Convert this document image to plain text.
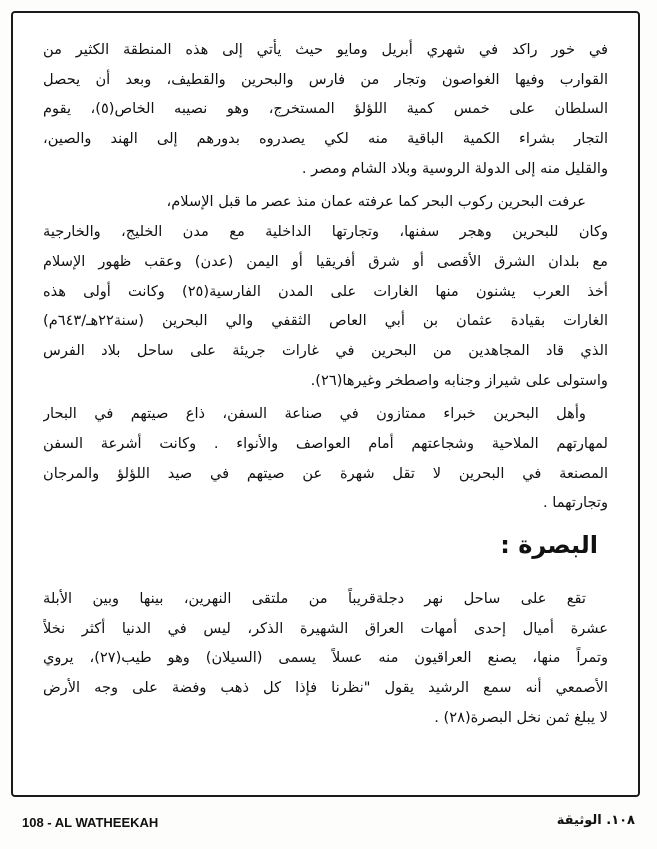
في خور راكد في شهري أبريل ومايو حيث يأتي إلى هذه المنطقة الكثير من
القوارب وفيها الغواصون وتجار من فارس والبحرين والقطيف، وبعد أن يحصل
السلطان على خمس كمية اللؤلؤ المستخرج، وهو نصيبه الخاص(٥)، يقوم
التجار بشراء الكمية الباقية منه لكي يصدروه بدورهم إلى الهند والصين،
والقليل منه إلى الدولة الروسية وبلاد الشام ومصر .
عرفت البحرين ركوب البحر كما عرفته عمان منذ عصر ما قبل الإسلام،
وكان للبحرين وهجر سفنها، وتجارتها الداخلية مع مدن الخليج، والخارجية
مع بلدان الشرق الأقصى أو شرق أفريقيا أو اليمن (عدن) وعقب ظهور الإسلام
أخذ العرب يشنون منها الغارات على المدن الفارسية(٢٥) وكانت أولى هذه
الغارات بقيادة عثمان بن أبي العاص الثقفي والي البحرين (سنة٢٢هـ/٦٤٣م)
الذي قاد المجاهدين من البحرين في غارات جريئة على ساحل بلاد الفرس
واستولى على شيراز وجنابه واصطخر وغيرها(٢٦).
وأهل البحرين خبراء ممتازون في صناعة السفن، ذاع صيتهم في البحار
لمهارتهم الملاحية وشجاعتهم أمام العواصف والأنواء . وكانت أشرعة السفن
المصنعة في البحرين لا تقل شهرة عن صيتهم في صيد اللؤلؤ والمرجان
وتجارتهما .
البصرة :
تقع على ساحل نهر دجلةقريباً من ملتقى النهرين، بينها وبين الأبلة
عشرة أميال إحدى أمهات العراق الشهيرة الذكر، ليس في الدنيا أكثر نخلاً
وتمراً منها، يصنع العراقيون منه عسلاً يسمى (السيلان) وهو طيب(٢٧)، يروي
الأصمعي أنه سمع الرشيد يقول "نظرنا فإذا كل ذهب وفضة على وجه الأرض
لا يبلغ ثمن نخل البصرة(٢٨) .
108 - AL WATHEEKAH	١٠٨. الوثيقة
